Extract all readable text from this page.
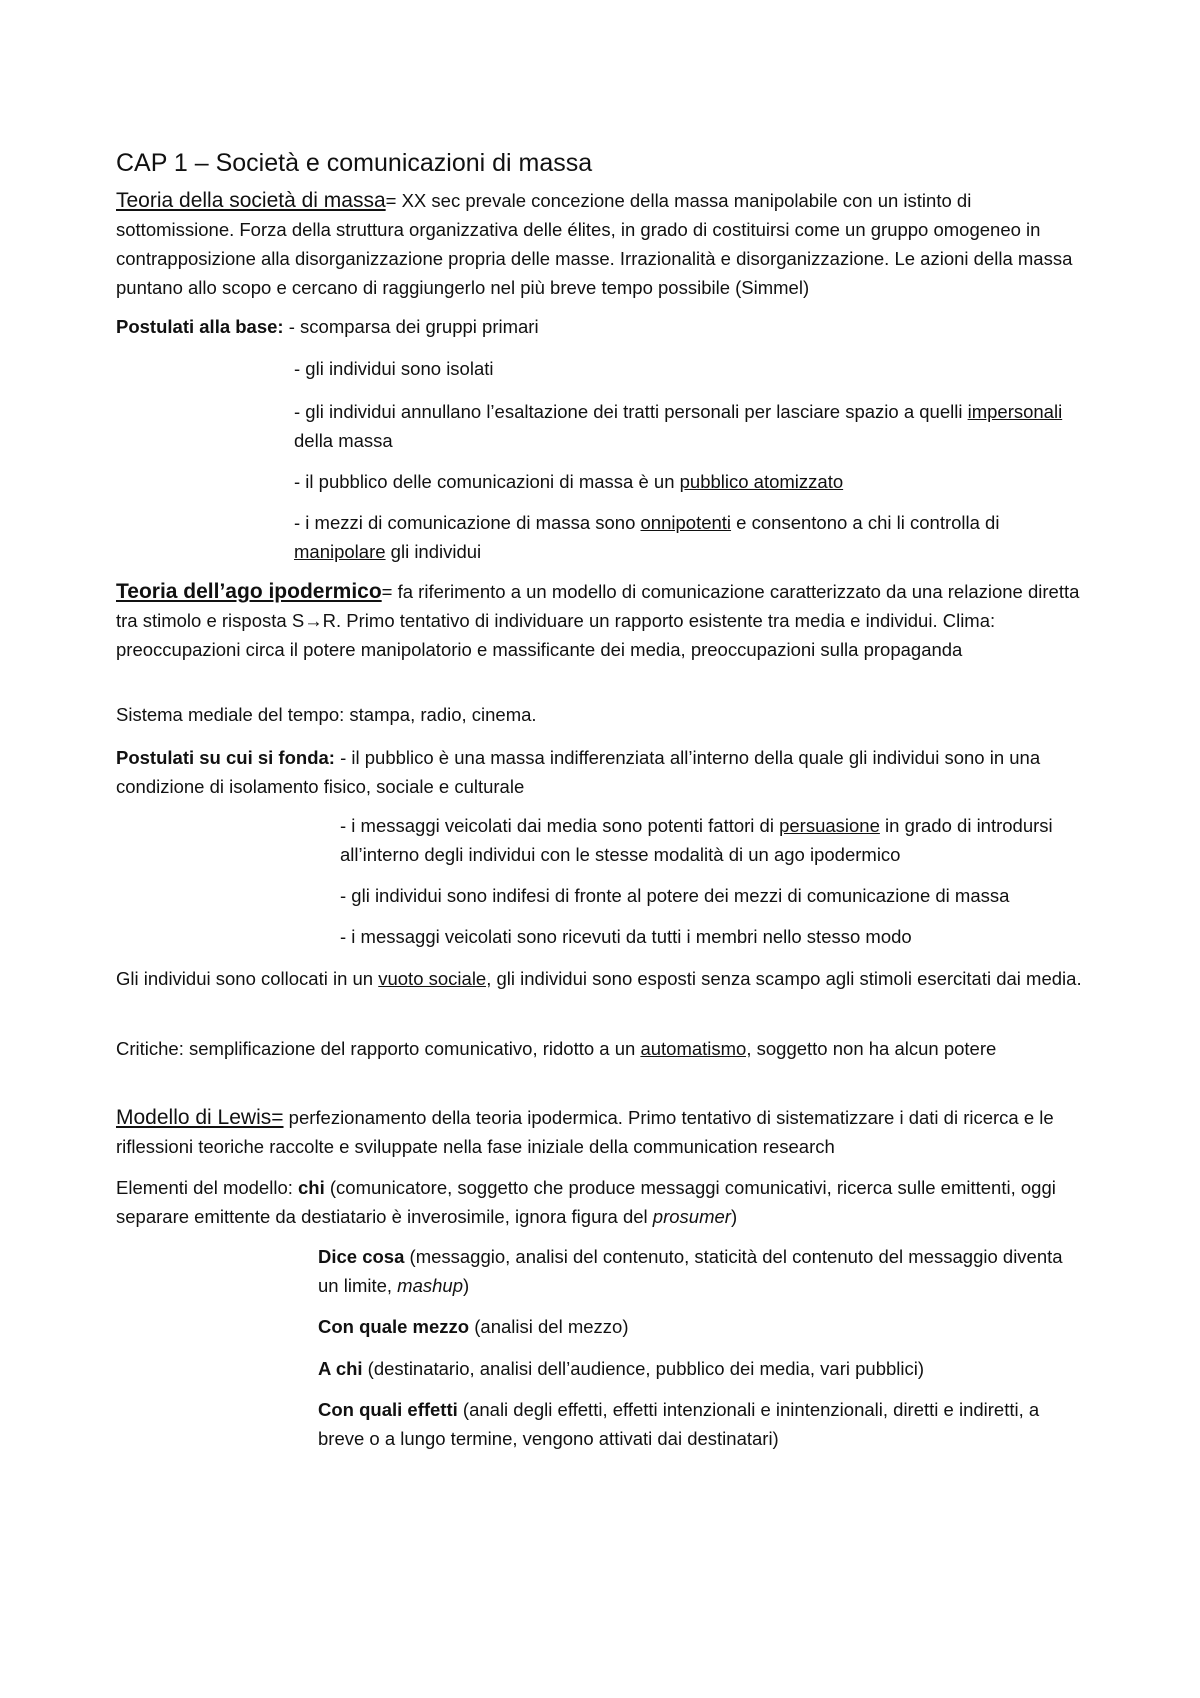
CAP 1 – Società e comunicazioni di massa

Teoria della società di massa= XX sec prevale concezione della massa manipolabile con un istinto di sottomissione. Forza della struttura organizzativa delle élites, in grado di costituirsi come un gruppo omogeneo in contrapposizione alla disorganizzazione propria delle masse. Irrazionalità e disorganizzazione. Le azioni della massa puntano allo scopo e cercano di raggiungerlo nel più breve tempo possibile (Simmel)

Postulati alla base: - scomparsa dei gruppi primari

- gli individui sono isolati

- gli individui annullano l’esaltazione dei tratti personali per lasciare spazio a quelli impersonali della massa

- il pubblico delle comunicazioni di massa è un pubblico atomizzato

- i mezzi di comunicazione di massa sono onnipotenti e consentono a chi li controlla di manipolare gli individui

Teoria dell’ago ipodermico= fa riferimento a un modello di comunicazione caratterizzato da una relazione diretta tra stimolo e risposta S→R. Primo tentativo di individuare un rapporto esistente tra media e individui. Clima: preoccupazioni circa il potere manipolatorio e massificante dei media, preoccupazioni sulla propaganda

Sistema mediale del tempo: stampa, radio, cinema.

Postulati su cui si fonda: - il pubblico è una massa indifferenziata all’interno della quale gli individui sono in una condizione di isolamento fisico, sociale e culturale

- i messaggi veicolati dai media sono potenti fattori di persuasione in grado di introdursi all’interno degli individui con le stesse modalità di un ago ipodermico

- gli individui sono indifesi di fronte al potere dei mezzi di comunicazione di massa

- i messaggi veicolati sono ricevuti da tutti i membri nello stesso modo

Gli individui sono collocati in un vuoto sociale, gli individui sono esposti senza scampo agli stimoli esercitati dai media.

Critiche: semplificazione del rapporto comunicativo, ridotto a un automatismo, soggetto non ha alcun potere

Modello di Lewis= perfezionamento della teoria ipodermica. Primo tentativo di sistematizzare i dati di ricerca e le riflessioni teoriche raccolte e sviluppate nella fase iniziale della communication research

Elementi del modello: chi (comunicatore, soggetto che produce messaggi comunicativi, ricerca sulle emittenti, oggi separare emittente da destiatario è inverosimile, ignora figura del prosumer)

Dice cosa (messaggio, analisi del contenuto, staticità del contenuto del messaggio diventa un limite, mashup)

Con quale mezzo (analisi del mezzo)

A chi (destinatario, analisi dell’audience, pubblico dei media, vari pubblici)

Con quali effetti (anali degli effetti, effetti intenzionali e inintenzionali, diretti e indiretti, a breve o a lungo termine, vengono attivati dai destinatari)
